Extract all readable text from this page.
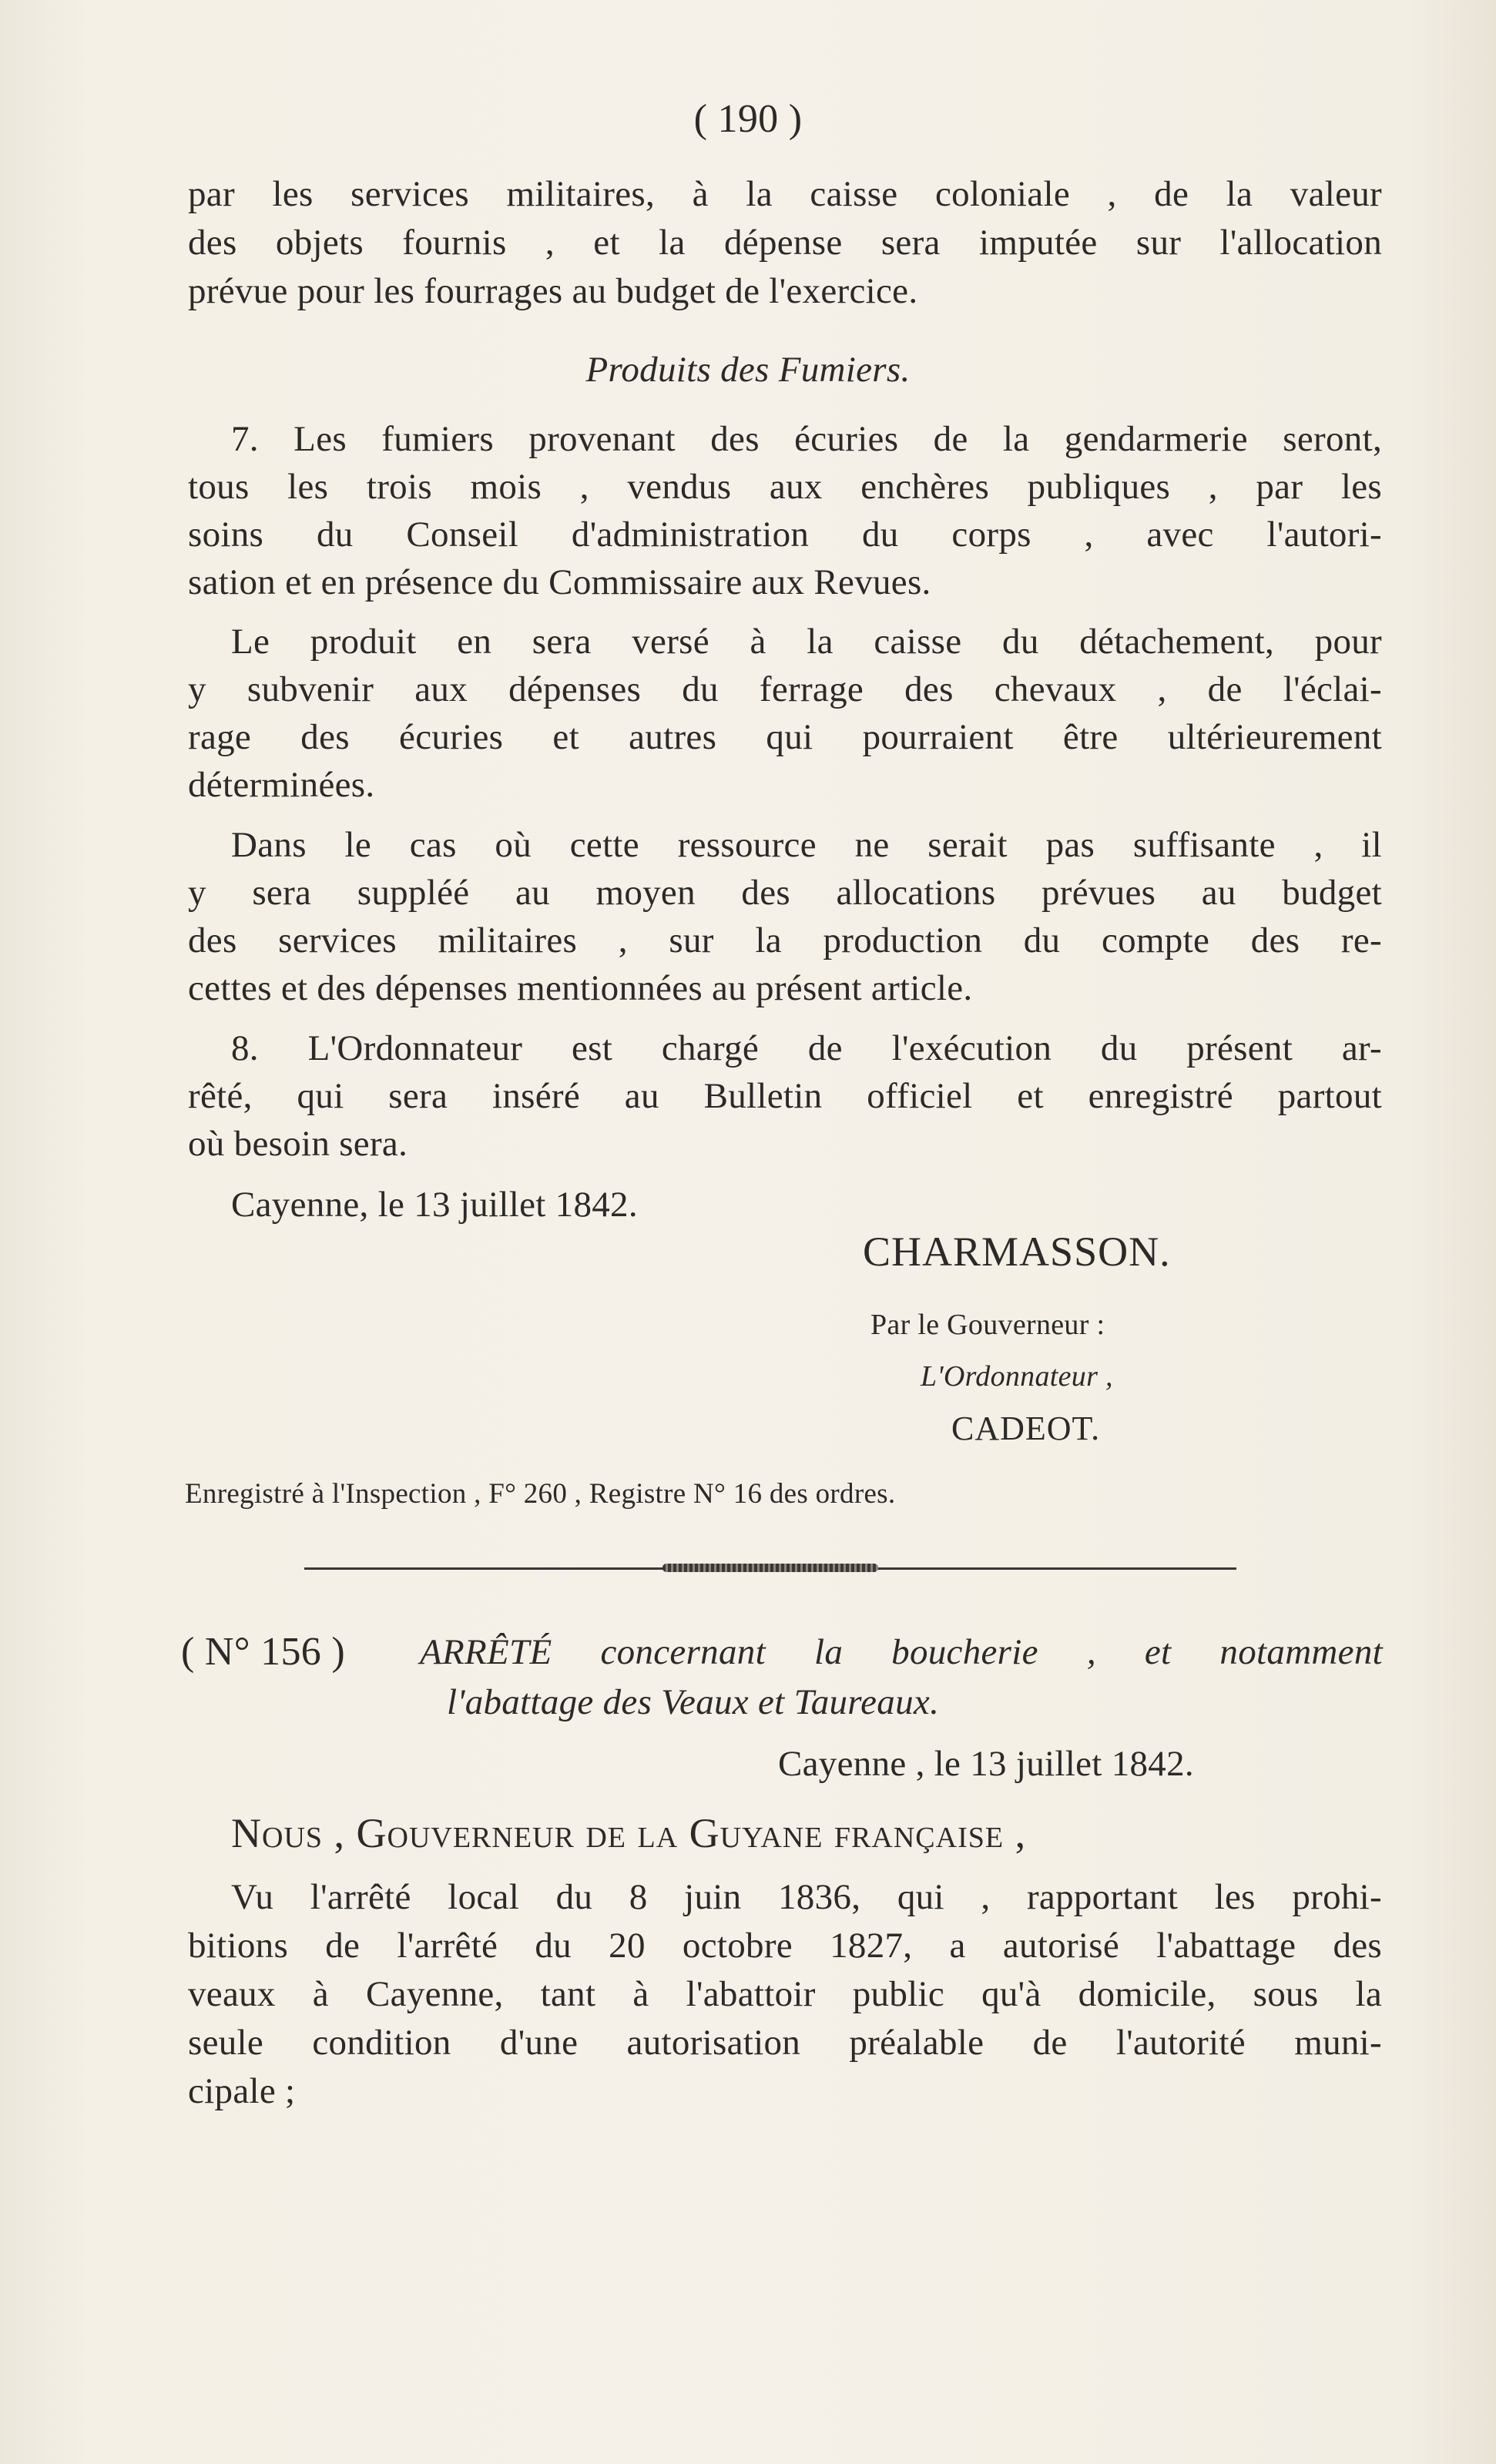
( 190 )
par les services militaires, à la caisse coloniale , de la valeur
des objets fournis , et la dépense sera imputée sur l'allocation
prévue pour les fourrages au budget de l'exercice.
Produits des Fumiers.
7. Les fumiers provenant des écuries de la gendarmerie seront,
tous les trois mois , vendus aux enchères publiques , par les
soins du Conseil d'administration du corps , avec l'autori-
sation et en présence du Commissaire aux Revues.
Le produit en sera versé à la caisse du détachement, pour
y subvenir aux dépenses du ferrage des chevaux , de l'éclai-
rage des écuries et autres qui pourraient être ultérieurement
déterminées.
Dans le cas où cette ressource ne serait pas suffisante , il
y sera suppléé au moyen des allocations prévues au budget
des services militaires , sur la production du compte des re-
cettes et des dépenses mentionnées au présent article.
8. L'Ordonnateur est chargé de l'exécution du présent ar-
rêté, qui sera inséré au Bulletin officiel et enregistré partout
où besoin sera.
Cayenne, le 13 juillet 1842.
CHARMASSON.
Par le Gouverneur :
L'Ordonnateur ,
CADEOT.
Enregistré à l'Inspection , F° 260 , Registre N° 16 des ordres.
( N° 156 ) ARRÊTÉ concernant la boucherie , et notamment
l'abattage des Veaux et Taureaux.
Cayenne , le 13 juillet 1842.
Nous , Gouverneur de la Guyane française ,
Vu l'arrêté local du 8 juin 1836, qui , rapportant les prohi-
bitions de l'arrêté du 20 octobre 1827, a autorisé l'abattage des
veaux à Cayenne, tant à l'abattoir public qu'à domicile, sous la
seule condition d'une autorisation préalable de l'autorité muni-
cipale ;
